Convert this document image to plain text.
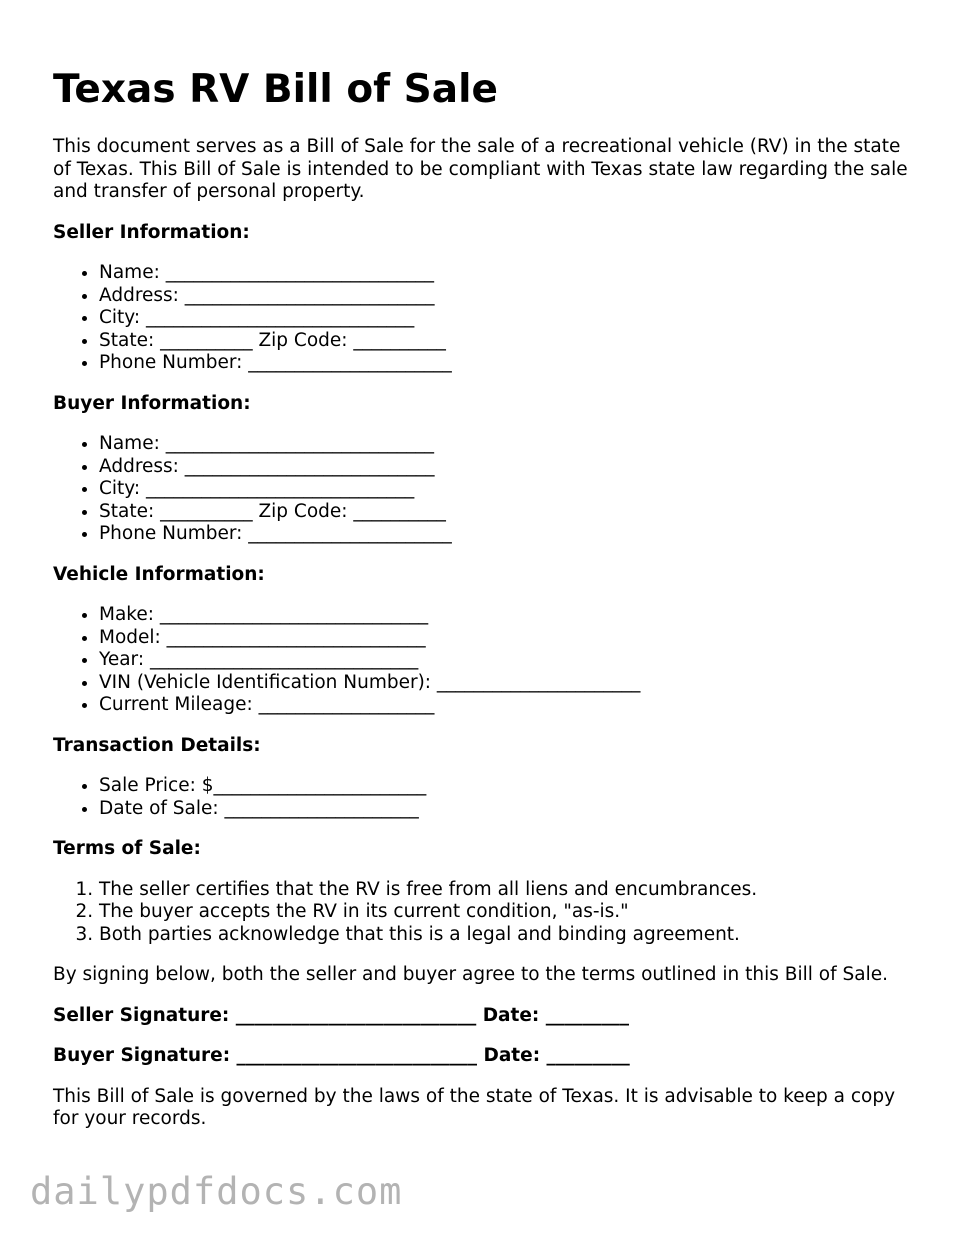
Texas RV Bill of Sale

This document serves as a Bill of Sale for the sale of a recreational vehicle (RV) in the state of Texas. This Bill of Sale is intended to be compliant with Texas state law regarding the sale and transfer of personal property.

Seller Information:
• Name: _____________________________
• Address: ___________________________
• City: _____________________________
• State: __________ Zip Code: __________
• Phone Number: ______________________
Buyer Information:
• Name: _____________________________
• Address: ___________________________
• City: _____________________________
• State: __________ Zip Code: __________
• Phone Number: ______________________
Vehicle Information:
• Make: _____________________________
• Model: ____________________________
• Year: _____________________________
• VIN (Vehicle Identification Number): ______________________
• Current Mileage: ___________________
Transaction Details:
• Sale Price: $_______________________
• Date of Sale: _____________________
Terms of Sale:
1. The seller certifies that the RV is free from all liens and encumbrances.
2. The buyer accepts the RV in its current condition, "as-is."
3. Both parties acknowledge that this is a legal and binding agreement.

By signing below, both the seller and buyer agree to the terms outlined in this Bill of Sale.

Seller Signature: __________________________ Date: _________
Buyer Signature: __________________________ Date: _________

This Bill of Sale is governed by the laws of the state of Texas. It is advisable to keep a copy for your records.

dailypdfdocs.com
